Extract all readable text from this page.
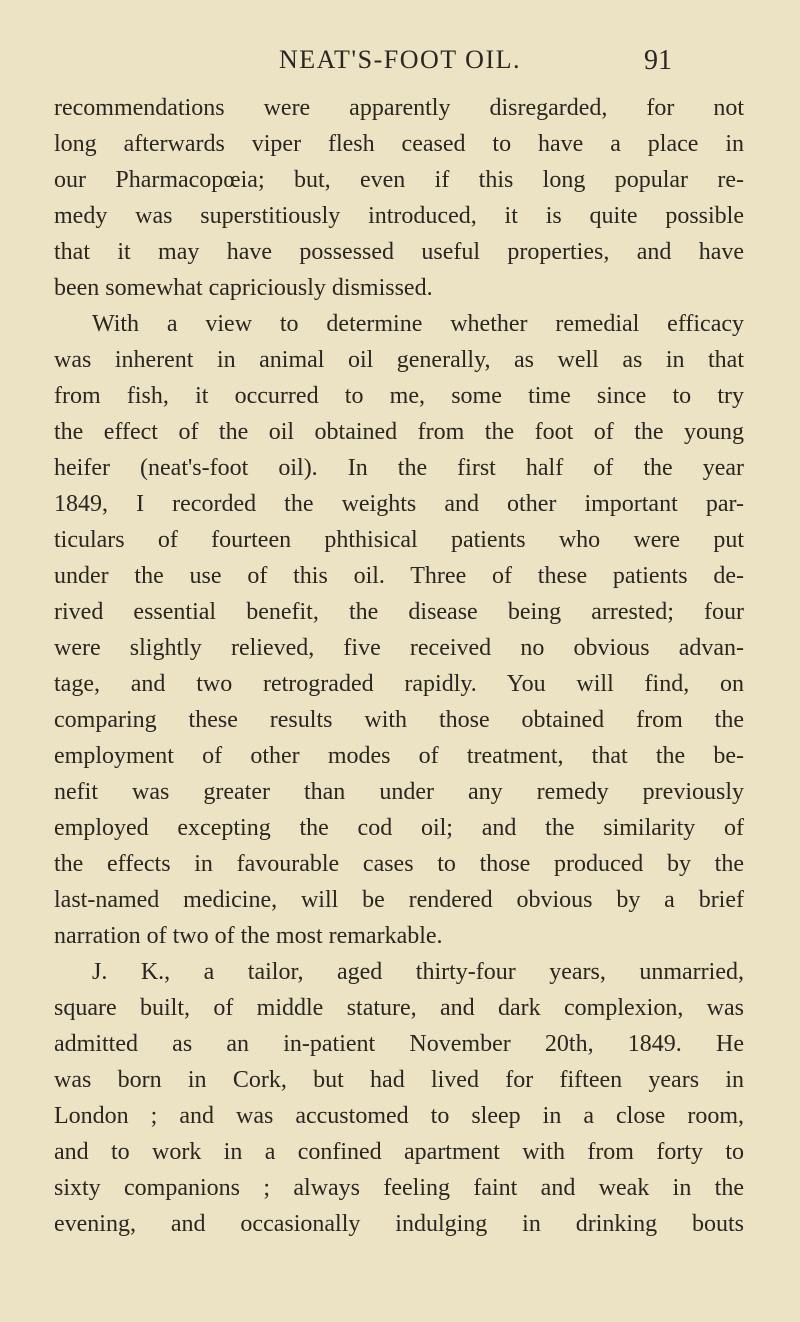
NEAT'S-FOOT OIL.	91
recommendations were apparently disregarded, for not
long afterwards viper flesh ceased to have a place in
our Pharmacopœia; but, even if this long popular re-
medy was superstitiously introduced, it is quite possible
that it may have possessed useful properties, and have
been somewhat capriciously dismissed.
With a view to determine whether remedial efficacy
was inherent in animal oil generally, as well as in that
from fish, it occurred to me, some time since to try
the effect of the oil obtained from the foot of the young
heifer (neat's-foot oil). In the first half of the year
1849, I recorded the weights and other important par-
ticulars of fourteen phthisical patients who were put
under the use of this oil. Three of these patients de-
rived essential benefit, the disease being arrested; four
were slightly relieved, five received no obvious advan-
tage, and two retrograded rapidly. You will find, on
comparing these results with those obtained from the
employment of other modes of treatment, that the be-
nefit was greater than under any remedy previously
employed excepting the cod oil; and the similarity of
the effects in favourable cases to those produced by the
last-named medicine, will be rendered obvious by a brief
narration of two of the most remarkable.
J. K., a tailor, aged thirty-four years, unmarried,
square built, of middle stature, and dark complexion, was
admitted as an in-patient November 20th, 1849. He
was born in Cork, but had lived for fifteen years in
London ; and was accustomed to sleep in a close room,
and to work in a confined apartment with from forty to
sixty companions ; always feeling faint and weak in the
evening, and occasionally indulging in drinking bouts
